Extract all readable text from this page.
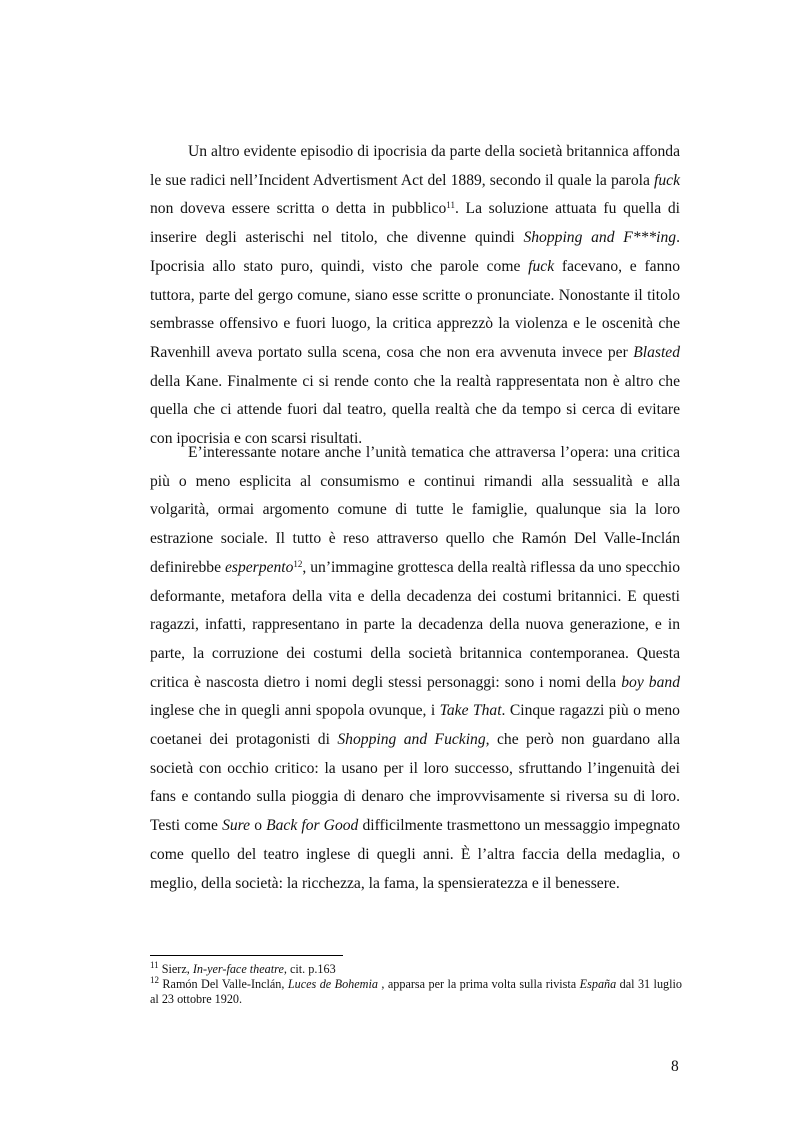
Un altro evidente episodio di ipocrisia da parte della società britannica affonda le sue radici nell’Incident Advertisment Act del 1889, secondo il quale la parola fuck non doveva essere scritta o detta in pubblico$^{11}$. La soluzione attuata fu quella di inserire degli asterischi nel titolo, che divenne quindi Shopping and F***ing. Ipocrisia allo stato puro, quindi, visto che parole come fuck facevano, e fanno tuttora, parte del gergo comune, siano esse scritte o pronunciate. Nonostante il titolo sembrasse offensivo e fuori luogo, la critica apprezzò la violenza e le oscenità che Ravenhill aveva portato sulla scena, cosa che non era avvenuta invece per Blasted della Kane. Finalmente ci si rende conto che la realtà rappresentata non è altro che quella che ci attende fuori dal teatro, quella realtà che da tempo si cerca di evitare con ipocrisia e con scarsi risultati.

E’interessante notare anche l’unità tematica che attraversa l’opera: una critica più o meno esplicita al consumismo e continui rimandi alla sessualità e alla volgarità, ormai argomento comune di tutte le famiglie, qualunque sia la loro estrazione sociale. Il tutto è reso attraverso quello che Ramón Del Valle-Inclán definirebbe esperpento$^{12}$, un’immagine grottesca della realtà riflessa da uno specchio deformante, metafora della vita e della decadenza dei costumi britannici. E questi ragazzi, infatti, rappresentano in parte la decadenza della nuova generazione, e in parte, la corruzione dei costumi della società britannica contemporanea. Questa critica è nascosta dietro i nomi degli stessi personaggi: sono i nomi della boy band inglese che in quegli anni spopola ovunque, i Take That. Cinque ragazzi più o meno coetanei dei protagonisti di Shopping and Fucking, che però non guardano alla società con occhio critico: la usano per il loro successo, sfruttando l’ingenuità dei fans e contando sulla pioggia di denaro che improvvisamente si riversa su di loro. Testi come Sure o Back for Good difficilmente trasmettono un messaggio impegnato come quello del teatro inglese di quegli anni. È l’altra faccia della medaglia, o meglio, della società: la ricchezza, la fama, la spensieratezza e il benessere.

$^{11}$ Sierz, In-yer-face theatre, cit. p.163

$^{12}$ Ramón Del Valle-Inclán, Luces de Bohemia , apparsa per la prima volta sulla rivista España dal 31 luglio al 23 ottobre 1920.

8
